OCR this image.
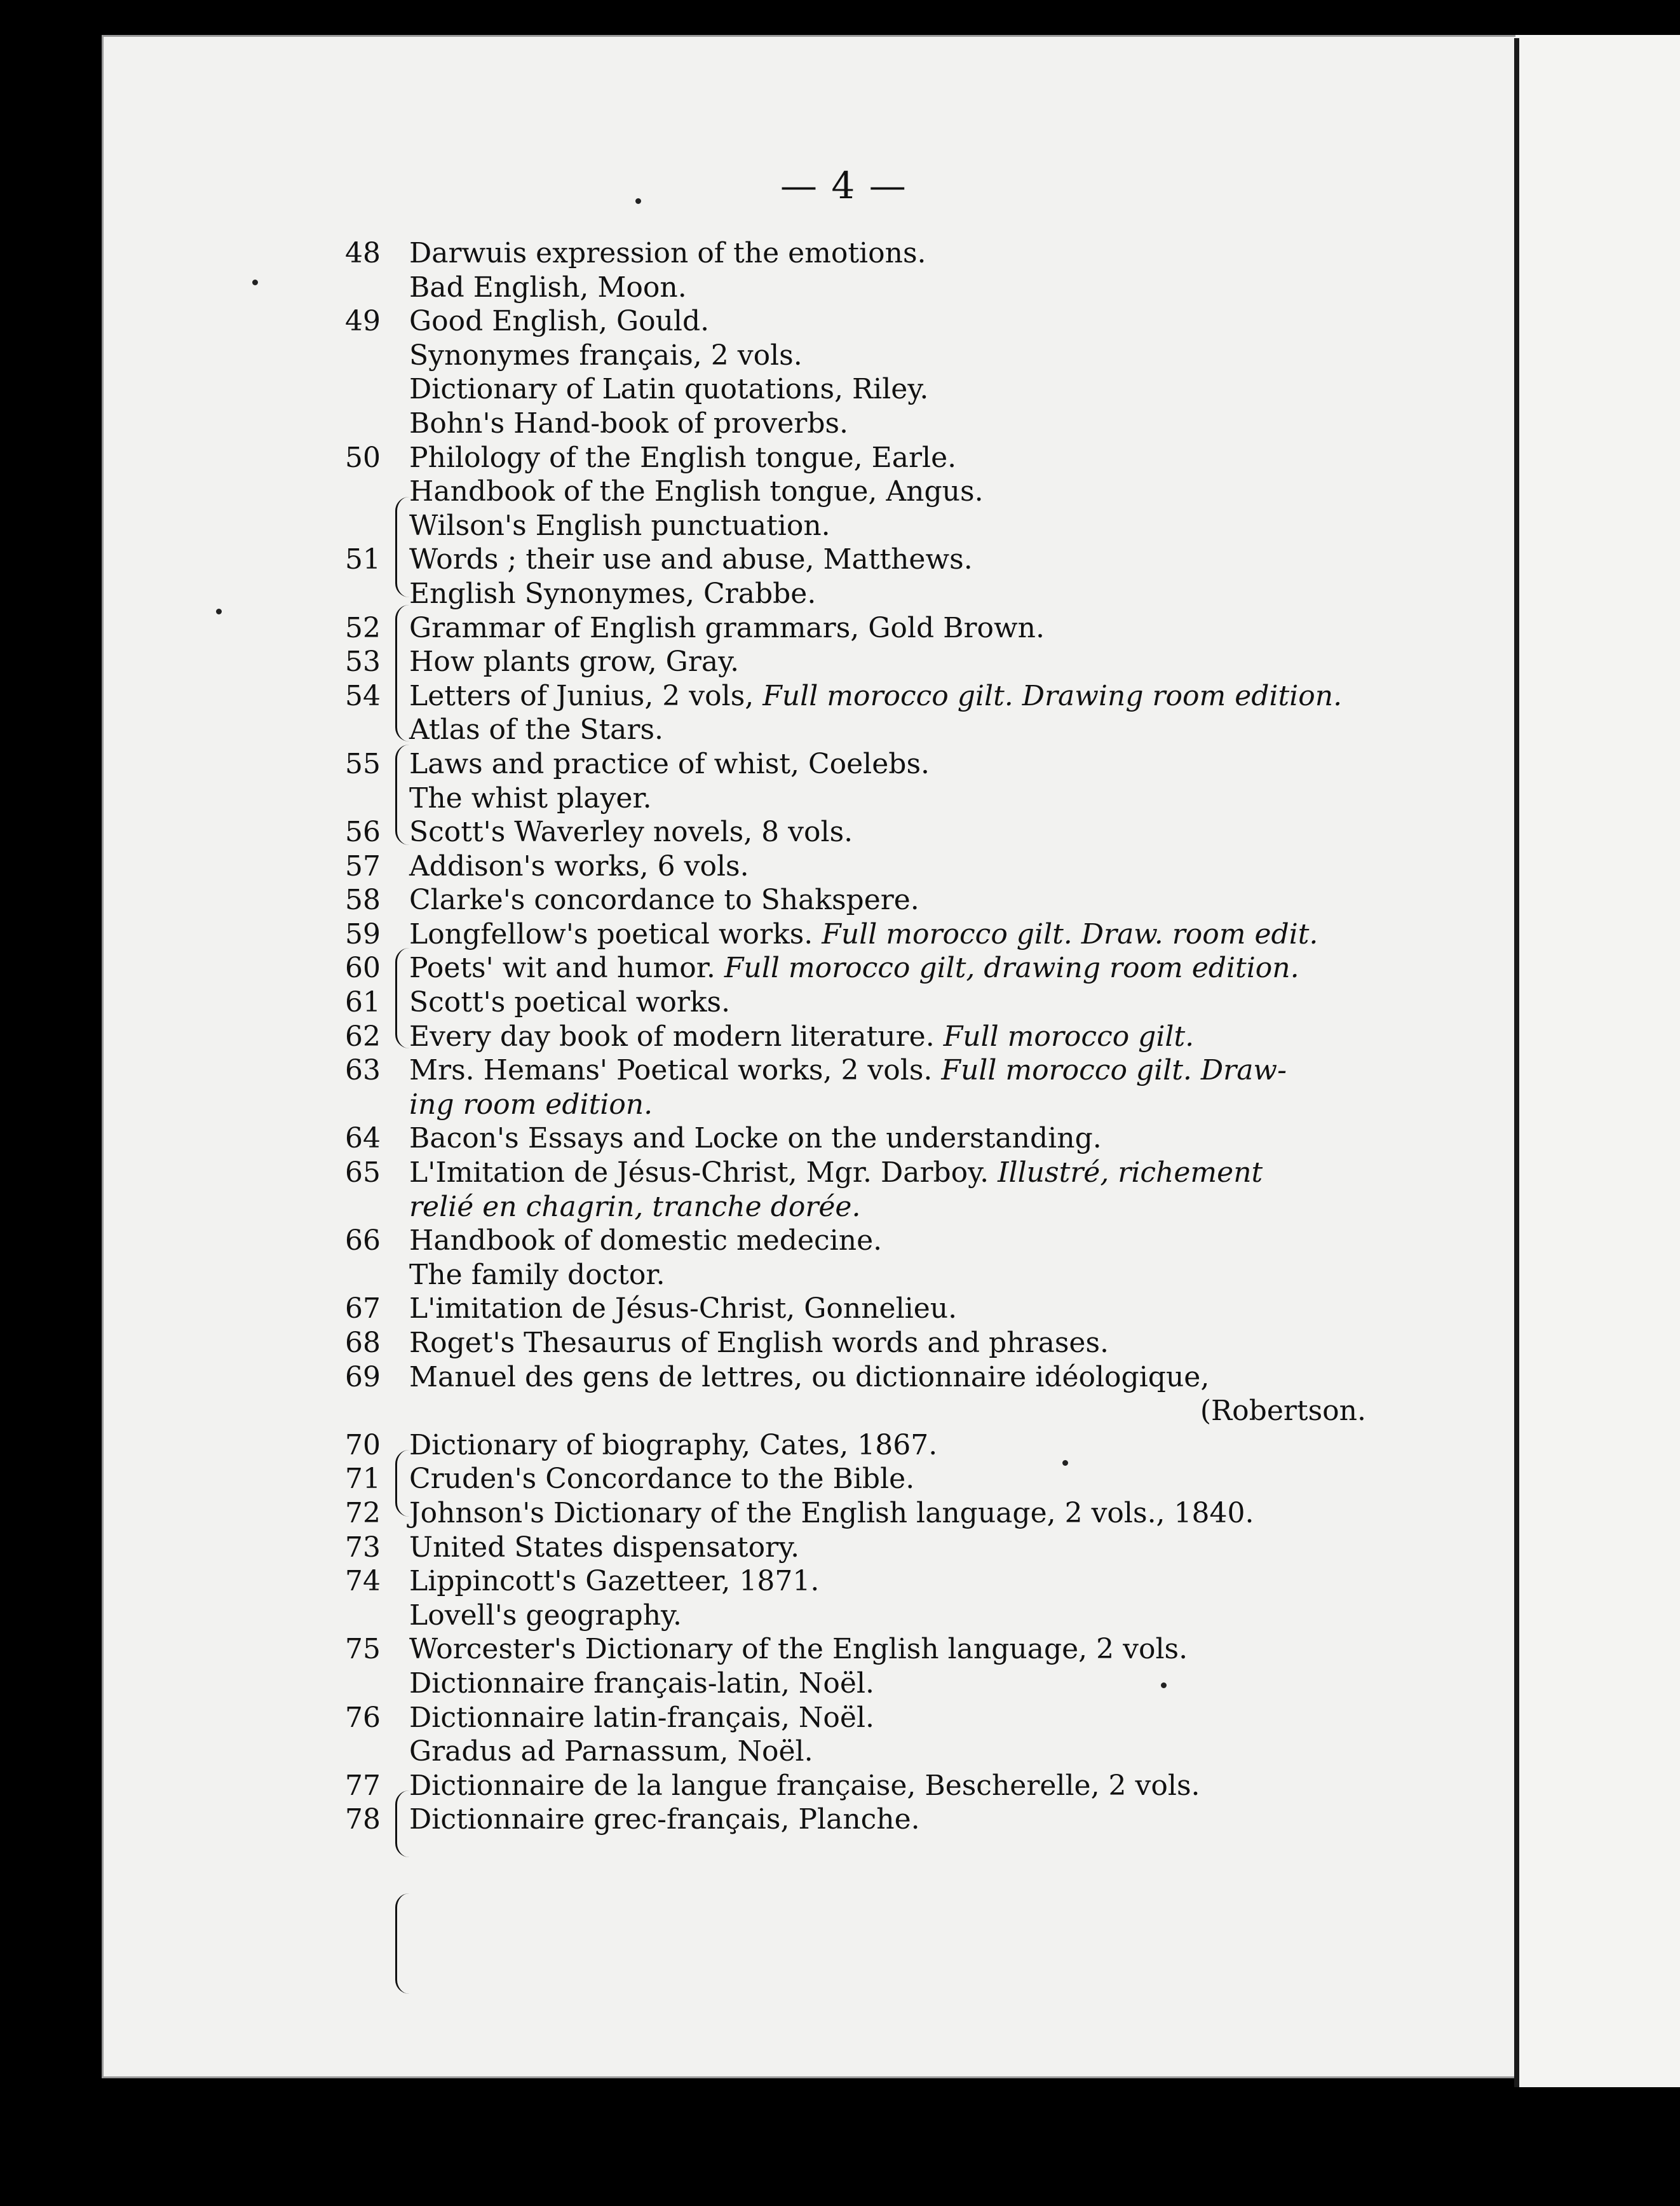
— 4 —
48 Darwuis expression of the emotions.
Bad English, Moon.
49 Good English, Gould.
Synonymes français, 2 vols.
Dictionary of Latin quotations, Riley.
Bohn's Hand-book of proverbs.
50 Philology of the English tongue, Earle.
Handbook of the English tongue, Angus.
Wilson's English punctuation.
51 Words ; their use and abuse, Matthews.
English Synonymes, Crabbe.
52 Grammar of English grammars, Gold Brown.
53 How plants grow, Gray.
54 Letters of Junius, 2 vols, Full morocco gilt. Drawing room edition.
Atlas of the Stars.
55 Laws and practice of whist, Coelebs.
The whist player.
56 Scott's Waverley novels, 8 vols.
57 Addison's works, 6 vols.
58 Clarke's concordance to Shakspere.
59 Longfellow's poetical works. Full morocco gilt. Draw. room edit.
60 Poets' wit and humor. Full morocco gilt, drawing room edition.
61 Scott's poetical works.
62 Every day book of modern literature. Full morocco gilt.
63 Mrs. Hemans' Poetical works, 2 vols. Full morocco gilt. Draw-
ing room edition.
64 Bacon's Essays and Locke on the understanding.
65 L'Imitation de Jésus-Christ, Mgr. Darboy. Illustré, richement
relié en chagrin, tranche dorée.
66 Handbook of domestic medecine.
The family doctor.
67 L'imitation de Jésus-Christ, Gonnelieu.
68 Roget's Thesaurus of English words and phrases.
69 Manuel des gens de lettres, ou dictionnaire idéologique,
(Robertson.
70 Dictionary of biography, Cates, 1867.
71 Cruden's Concordance to the Bible.
72 Johnson's Dictionary of the English language, 2 vols., 1840.
73 United States dispensatory.
74 Lippincott's Gazetteer, 1871.
Lovell's geography.
75 Worcester's Dictionary of the English language, 2 vols.
Dictionnaire français-latin, Noël.
76 Dictionnaire latin-français, Noël.
Gradus ad Parnassum, Noël.
77 Dictionnaire de la langue française, Bescherelle, 2 vols.
78 Dictionnaire grec-français, Planche.
